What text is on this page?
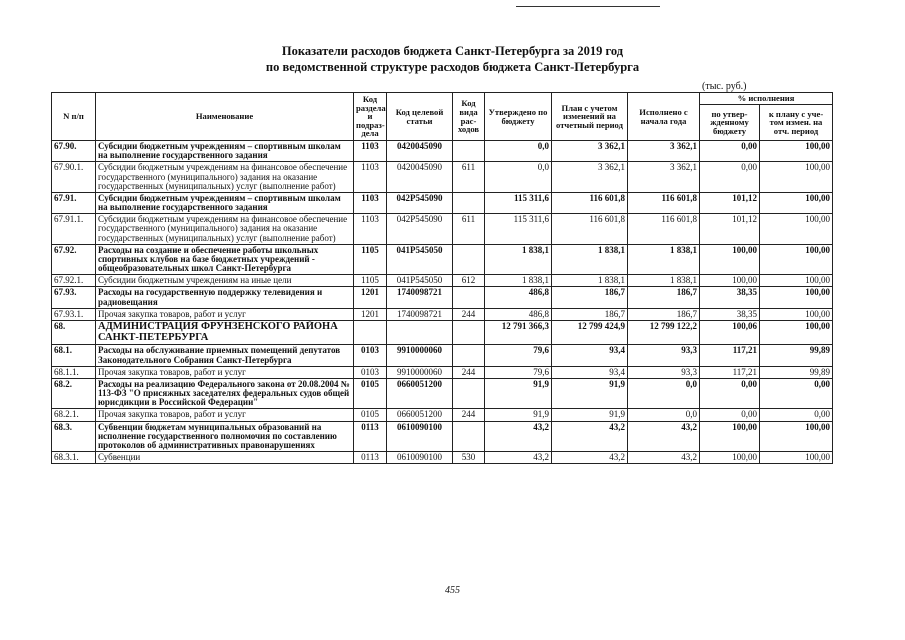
Показатели расходов бюджета Санкт-Петербурга за 2019 год
по ведомственной структуре расходов бюджета Санкт-Петербурга
(тыс. руб.)
N п/п	Наименование	Код раздела и подраз- дела	Код целевой статьи	Код вида рас- ходов	Утверждено по бюджету	План с учетом изменений на отчетный период	Исполнено с начала года	% исполнения	
								по утвер- жденному бюджету	к плану с уче- том измен. на отч. период
67.90.	Субсидии бюджетным учреждениям – спортивным школам на выполнение государственного задания	1103	0420045090		0,0	3 362,1	3 362,1	0,00	100,00
67.90.1.	Субсидии бюджетным учреждениям на финансовое обеспечение государственного (муниципального) задания на оказание государственных (муниципальных) услуг (выполнение работ)	1103	0420045090	611	0,0	3 362,1	3 362,1	0,00	100,00
67.91.	Субсидии бюджетным учреждениям – спортивным школам на выполнение государственного задания	1103	042P545090		115 311,6	116 601,8	116 601,8	101,12	100,00
67.91.1.	Субсидии бюджетным учреждениям на финансовое обеспечение государственного (муниципального) задания на оказание государственных (муниципальных) услуг (выполнение работ)	1103	042P545090	611	115 311,6	116 601,8	116 601,8	101,12	100,00
67.92.	Расходы на создание и обеспечение работы школьных спортивных клубов на базе бюджетных учреждений - общеобразовательных школ Санкт-Петербурга	1105	041P545050		1 838,1	1 838,1	1 838,1	100,00	100,00
67.92.1.	Субсидии бюджетным учреждениям на иные цели	1105	041P545050	612	1 838,1	1 838,1	1 838,1	100,00	100,00
67.93.	Расходы на государственную поддержку телевидения и радиовещания	1201	1740098721		486,8	186,7	186,7	38,35	100,00
67.93.1.	Прочая закупка товаров, работ и услуг	1201	1740098721	244	486,8	186,7	186,7	38,35	100,00
68.	АДМИНИСТРАЦИЯ ФРУНЗЕНСКОГО РАЙОНА САНКТ-ПЕТЕРБУРГА				12 791 366,3	12 799 424,9	12 799 122,2	100,06	100,00
68.1.	Расходы на обслуживание приемных помещений депутатов Законодательного Собрания Санкт-Петербурга	0103	9910000060		79,6	93,4	93,3	117,21	99,89
68.1.1.	Прочая закупка товаров, работ и услуг	0103	9910000060	244	79,6	93,4	93,3	117,21	99,89
68.2.	Расходы на реализацию Федерального закона от 20.08.2004 № 113-ФЗ "О присяжных заседателях федеральных судов общей юрисдикции в Российской Федерации"	0105	0660051200		91,9	91,9	0,0	0,00	0,00
68.2.1.	Прочая закупка товаров, работ и услуг	0105	0660051200	244	91,9	91,9	0,0	0,00	0,00
68.3.	Субвенции бюджетам муниципальных образований на исполнение государственного полномочия по составлению протоколов об административных правонарушениях	0113	0610090100		43,2	43,2	43,2	100,00	100,00
68.3.1.	Субвенции	0113	0610090100	530	43,2	43,2	43,2	100,00	100,00
455
